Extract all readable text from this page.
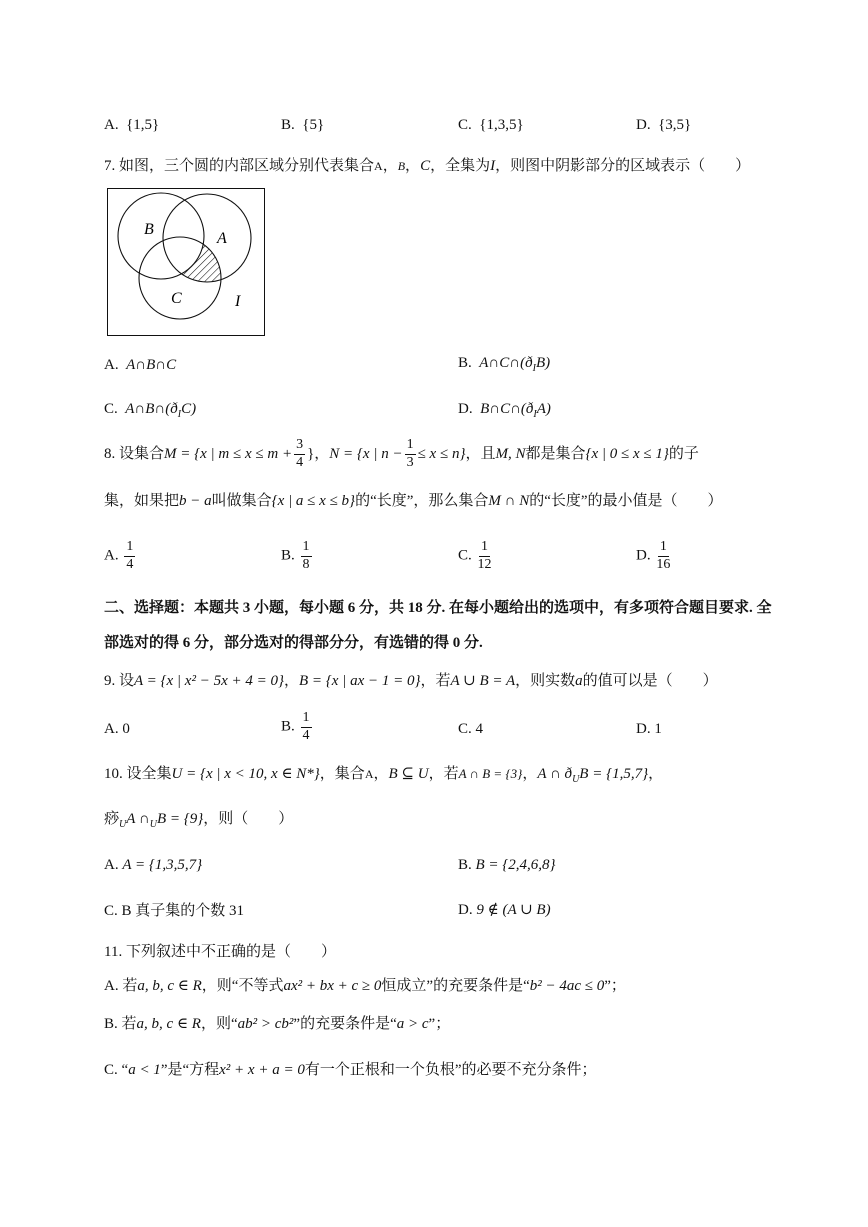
A. {1,5}	B. {5}	C. {1,3,5}	D. {3,5}
7. 如图，三个圆的内部区域分别代表集合A，B，C，全集为I，则图中阴影部分的区域表示（　　）
B
A
C	I
A. A∩B∩C	B. $A\cap C\cap(ð_IB)$
C. $A\cap B\cap(ð_IC)$	D. $B\cap C\cap(ð_IA)$
8. 设集合M = {x | $m \le x \le m + \frac{3}{4}$ }，N = {x | $n - \frac{1}{3} \le x \le n$}，且M, N都是集合{x | 0 ≤ x ≤ 1}的子
集，如果把b − a叫做集合{x | a ≤ x ≤ b}的“长度”，那么集合M ∩ N的“长度”的最小值是（　　）
A. $\frac{1}{4}$	B. $\frac{1}{8}$	C. $\frac{1}{12}$	D. $\frac{1}{16}$
二、选择题：本题共 3 小题，每小题 6 分，共 18 分. 在每小题给出的选项中，有多项符合题目要求. 全
部选对的得 6 分，部分选对的得部分分，有选错的得 0 分.
9. 设A = {x | x² − 5x + 4 = 0}，B = {x | ax − 1 = 0}，若A ∪ B = A，则实数a的值可以是（　　）
A. 0	B. $\frac{1}{4}$	C. 4	D. 1
10. 设全集U = {x | x < 10, x ∈ N*}，集合A，B ⊆ U，若A ∩ B = {3}，A ∩ $ð_UB = \{1,5,7\}$，
痧$_U$A $\cap_UB = \{9\}$，则（　　）
A. A = {1,3,5,7}	B. B = {2,4,6,8}
C. B 真子集的个数 31	D. 9 ∉ (A ∪ B)
11. 下列叙述中不正确的是（　　）
A. 若a, b, c ∈ R，则“不等式ax² + bx + c ≥ 0恒成立”的充要条件是“b² − 4ac ≤ 0”；
B. 若a, b, c ∈ R，则“ab² > cb²”的充要条件是“a > c”；
C. “a < 1”是“方程x² + x + a = 0有一个正根和一个负根”的必要不充分条件；
